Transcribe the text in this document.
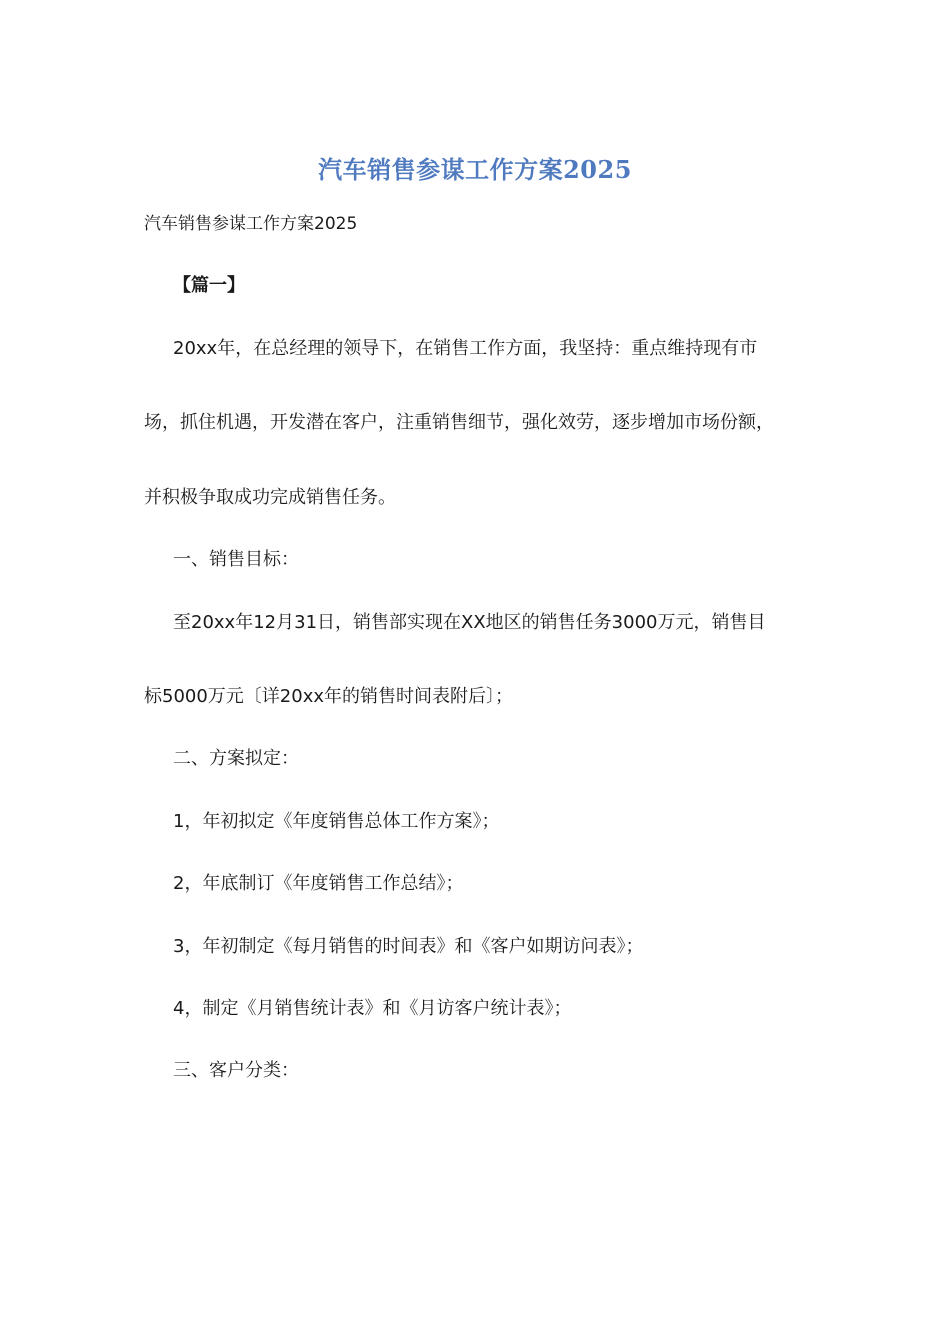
汽车销售参谋工作方案2025
汽车销售参谋工作方案2025
【篇一】
20xx年，在总经理的领导下，在销售工作方面，我坚持：重点维持现有市
场，抓住机遇，开发潜在客户，注重销售细节，强化效劳，逐步增加市场份额，
并积极争取成功完成销售任务。
一、销售目标：
至20xx年12月31日，销售部实现在XX地区的销售任务3000万元，销售目
标5000万元〔详20xx年的销售时间表附后〕；
二、方案拟定：
1，年初拟定《年度销售总体工作方案》；
2，年底制订《年度销售工作总结》；
3，年初制定《每月销售的时间表》和《客户如期访问表》；
4，制定《月销售统计表》和《月访客户统计表》；
三、客户分类：
